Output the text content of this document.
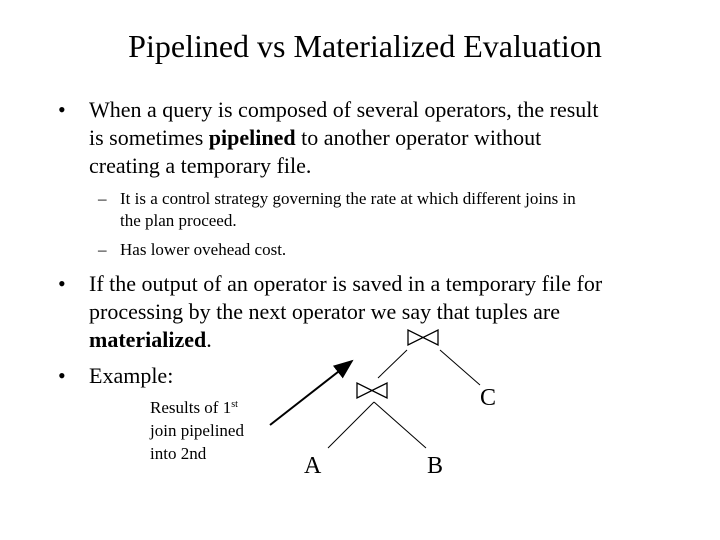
Pipelined vs Materialized Evaluation
• When a query is composed of several operators, the result
is sometimes pipelined to another operator without
creating a temporary file.
– It is a control strategy governing the rate at which different joins in
the plan proceed.
– Has lower ovehead cost.
• If the output of an operator is saved in a temporary file for
processing by the next operator we say that tuples are
materialized.
• Example:
Results of 1st
join pipelined
into 2nd	A	B
C
